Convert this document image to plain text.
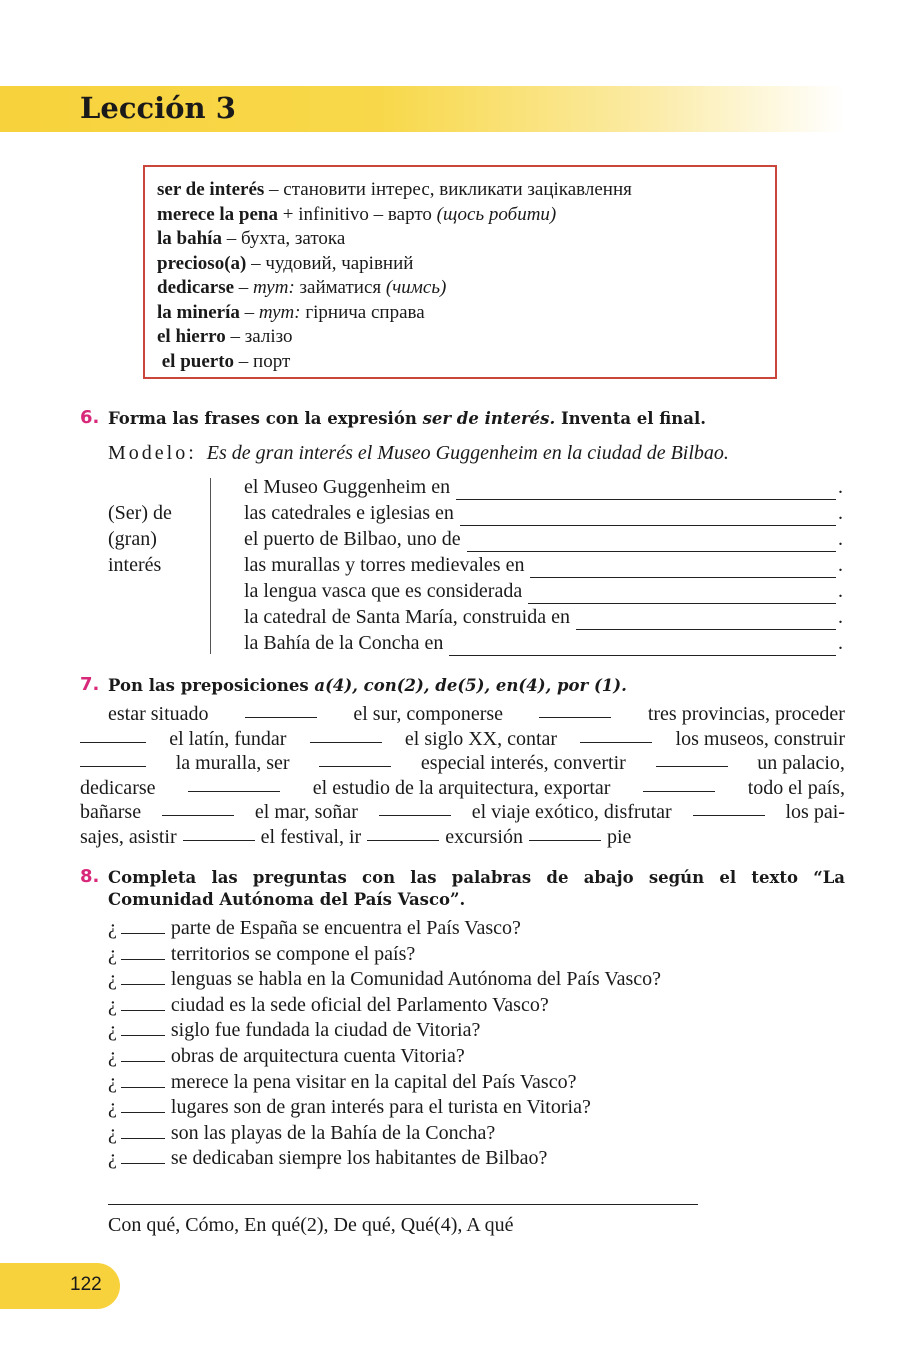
Lección 3
ser de interés – становити інтерес, викликати зацікавлення
merece la pena + infinitivo – варто (щось робити)
la bahía – бухта, затока
precioso(a) – чудовий, чарівний
dedicarse – тут: займатися (чимсь)
la minería – тут: гірнича справа
el hierro – залізо
el puerto – порт
6. Forma las frases con la expresión ser de interés. Inventa el final.
Modelo: Es de gran interés el Museo Guggenheim en la ciudad de Bilbao.
(Ser) de
(gran)
interés
el Museo Guggenheim en	.
las catedrales e iglesias en	.
el puerto de Bilbao, uno de	.
las murallas y torres medievales en	.
la lengua vasca que es considerada	.
la catedral de Santa María, construida en	.
la Bahía de la Concha en	.
7. Pon las preposiciones a(4), con(2), de(5), en(4), por (1).
estar situado	el sur, componerse	tres provincias, proceder
el latín, fundar	el siglo XX, contar	los museos, construir
la muralla, ser	especial interés, convertir	un palacio,
dedicarse	el estudio de la arquitectura, exportar	todo el país,
bañarse	el mar, soñar	el viaje exótico, disfrutar	los pai-
sajes, asistir	el festival, ir	excursión	pie
8. Completa las preguntas con las palabras de abajo según el texto “La Comunidad Autónoma del País Vasco”.
¿	parte de España se encuentra el País Vasco?
¿	territorios se compone el país?
¿	lenguas se habla en la Comunidad Autónoma del País Vasco?
¿	ciudad es la sede oficial del Parlamento Vasco?
¿	siglo fue fundada la ciudad de Vitoria?
¿	obras de arquitectura cuenta Vitoria?
¿	merece la pena visitar en la capital del País Vasco?
¿	lugares son de gran interés para el turista en Vitoria?
¿	son las playas de la Bahía de la Concha?
¿	se dedicaban siempre los habitantes de Bilbao?
Con qué, Cómo, En qué(2), De qué, Qué(4), A qué
122
